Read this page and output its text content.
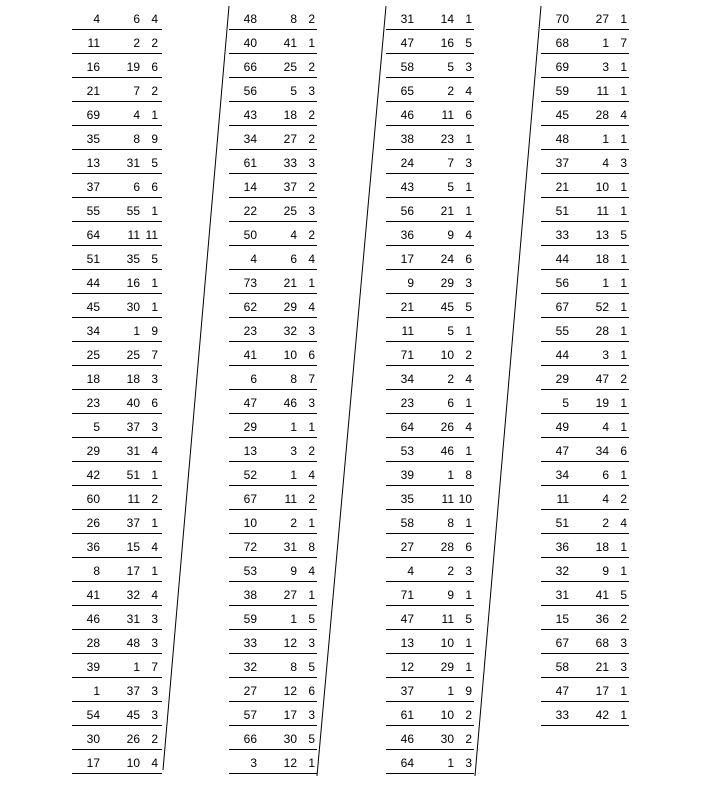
4	6 4
11	2 2
16	19 6
21	7 2
69	4 1
35	8 9
13	31 5
37	6 6
55	55 1
64	11 11
51	35 5
44	16 1
45	30 1
34	1 9
25	25 7
18	18 3
23	40 6
5	37 3
29	31 4
42	51 1
60	11 2
26	37 1
36	15 4
8	17 1
41	32 4
46	31 3
28	48 3
39	1 7
1	37 3
54	45 3
30	26 2
17	10 4
48	8 2
40	41 1
66	25 2
56	5 3
43	18 2
34	27 2
61	33 3
14	37 2
22	25 3
50	4 2
4	6 4
73	21 1
62	29 4
23	32 3
41	10 6
6	8 7
47	46 3
29	1 1
13	3 2
52	1 4
67	11 2
10	2 1
72	31 8
53	9 4
38	27 1
59	1 5
33	12 3
32	8 5
27	12 6
57	17 3
66	30 5
3	12 1
31	14 1
47	16 5
58	5 3
65	2 4
46	11 6
38	23 1
24	7 3
43	5 1
56	21 1
36	9 4
17	24 6
9	29 3
21	45 5
11	5 1
71	10 2
34	2 4
23	6 1
64	26 4
53	46 1
39	1 8
35	11 10
58	8 1
27	28 6
4	2 3
71	9 1
47	11 5
13	10 1
12	29 1
37	1 9
61	10 2
46	30 2
64	1 3
70	27 1
68	1 7
69	3 1
59	11 1
45	28 4
48	1 1
37	4 3
21	10 1
51	11 1
33	13 5
44	18 1
56	1 1
67	52 1
55	28 1
44	3 1
29	47 2
5	19 1
49	4 1
47	34 6
34	6 1
11	4 2
51	2 4
36	18 1
32	9 1
31	41 5
15	36 2
67	68 3
58	21 3
47	17 1
33	42 1
